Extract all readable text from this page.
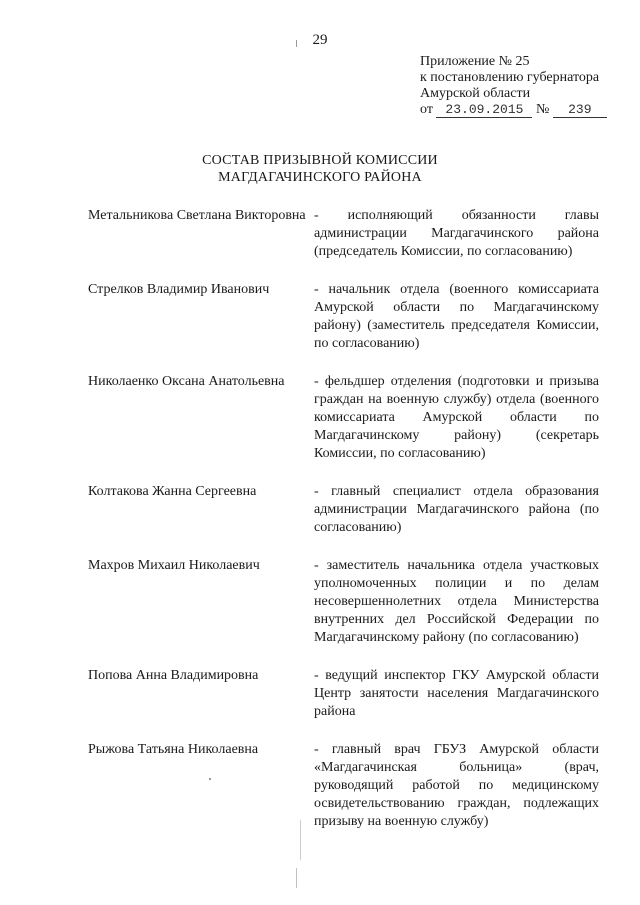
29
Приложение № 25
к постановлению губернатора
Амурской области
от 23.09.2015 № 239
СОСТАВ ПРИЗЫВНОЙ КОМИССИИ
МАГДАГАЧИНСКОГО РАЙОНА
Метальникова Светлана Викторовна - исполняющий обязанности главы администрации Магдагачинского района (председатель Комиссии, по согласованию)
Стрелков Владимир Иванович	- начальник отдела (военного комиссариата Амурской области по Магдагачинскому району) (заместитель председателя Комиссии, по согласованию)
Николаенко Оксана Анатольевна	- фельдшер отделения (подготовки и призыва граждан на военную службу) отдела (военного комиссариата Амурской области по Магдагачинскому району) (секретарь Комиссии, по согласованию)
Колтакова Жанна Сергеевна	- главный специалист отдела образования администрации Магдагачинского района (по согласованию)
Махров Михаил Николаевич	- заместитель начальника отдела участковых уполномоченных полиции и по делам несовершеннолетних отдела Министерства внутренних дел Российской Федерации по Магдагачинскому району (по согласованию)
Попова Анна Владимировна	- ведущий инспектор ГКУ Амурской области Центр занятости населения Магдагачинского района
Рыжова Татьяна Николаевна	- главный врач ГБУЗ Амурской области «Магдагачинская больница» (врач, руководящий работой по медицинскому освидетельствованию граждан, подлежащих призыву на военную службу)
